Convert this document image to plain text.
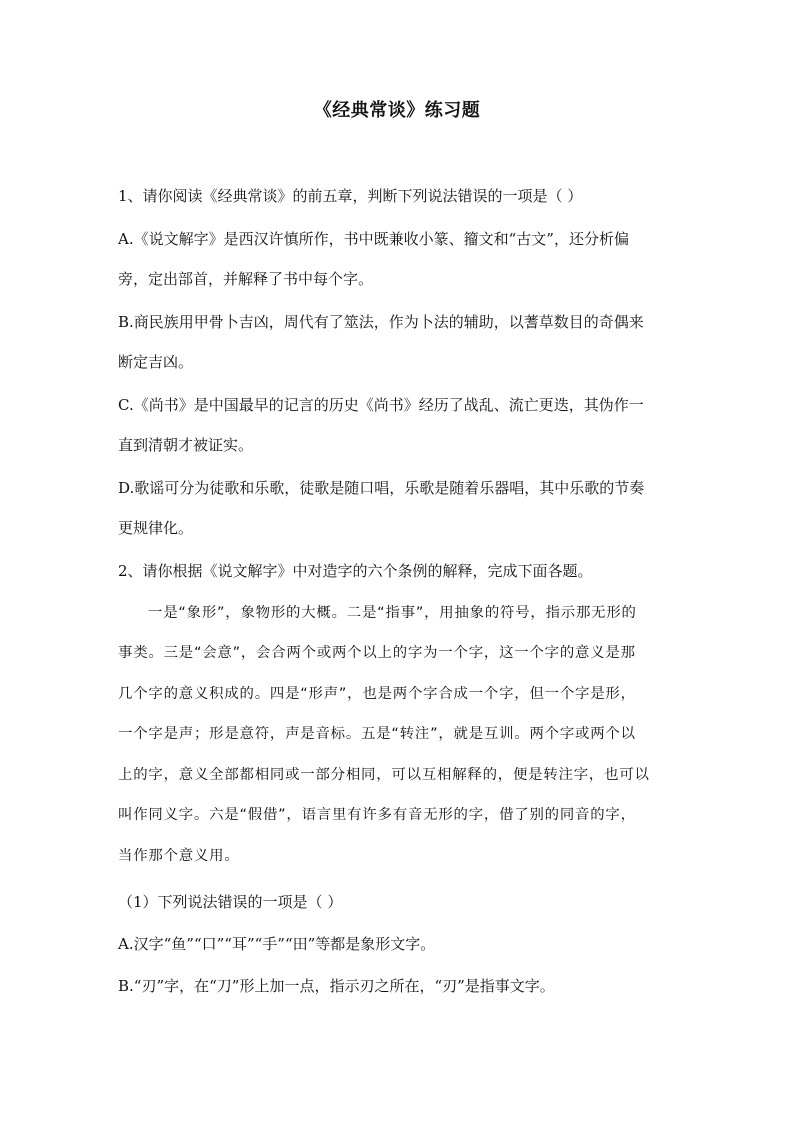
《经典常谈》练习题
1、请你阅读《经典常谈》的前五章，判断下列说法错误的一项是（ ）
A.《说文解字》是西汉许慎所作，书中既兼收小篆、籀文和“古文”，还分析偏
旁，定出部首，并解释了书中每个字。
B.商民族用甲骨卜吉凶，周代有了筮法，作为卜法的辅助，以蓍草数目的奇偶来
断定吉凶。
C.《尚书》是中国最早的记言的历史《尚书》经历了战乱、流亡更迭，其伪作一
直到清朝才被证实。
D.歌谣可分为徒歌和乐歌，徒歌是随口唱，乐歌是随着乐器唱，其中乐歌的节奏
更规律化。
2、请你根据《说文解字》中对造字的六个条例的解释，完成下面各题。
一是“象形”，象物形的大概。二是“指事”，用抽象的符号，指示那无形的
事类。三是“会意”，会合两个或两个以上的字为一个字，这一个字的意义是那
几个字的意义积成的。四是“形声”，也是两个字合成一个字，但一个字是形，
一个字是声；形是意符，声是音标。五是“转注”，就是互训。两个字或两个以
上的字，意义全部都相同或一部分相同，可以互相解释的，便是转注字，也可以
叫作同义字。六是“假借”，语言里有许多有音无形的字，借了别的同音的字，
当作那个意义用。
（1）下列说法错误的一项是（ ）
A.汉字“鱼”“口”“耳”“手”“田”等都是象形文字。
B.“刃”字，在“刀”形上加一点，指示刃之所在，“刃”是指事文字。
